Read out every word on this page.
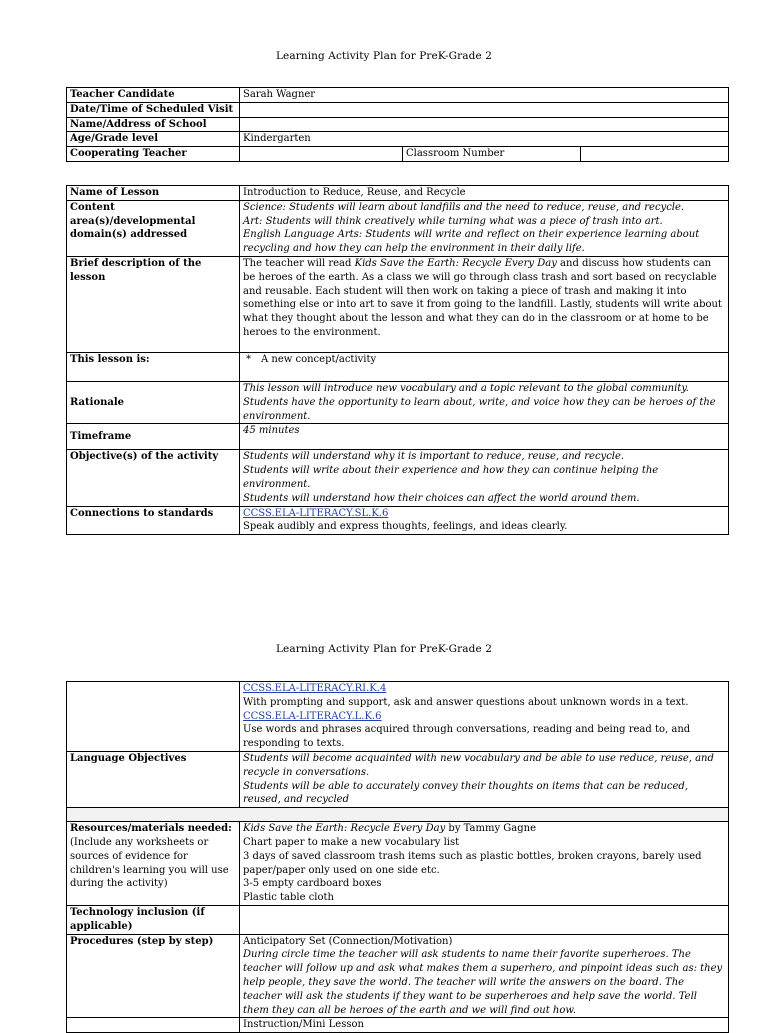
Learning Activity Plan for PreK-Grade 2
Teacher Candidate	Sarah Wagner		
Date/Time of Scheduled Visit			
Name/Address of School			
Age/Grade level	Kindergarten		
Cooperating Teacher		Classroom Number	
Name of Lesson	Introduction to Reduce, Reuse, and Recycle
Content area(s)/developmental domain(s) addressed	Science: Students will learn about landfills and the need to reduce, reuse, and recycle.
Art: Students will think creatively while turning what was a piece of trash into art.
English Language Arts: Students will write and reflect on their experience learning about recycling and how they can help the environment in their daily life.

Brief description of the lesson	The teacher will read Kids Save the Earth: Recycle Every Day and discuss how students can be heroes of the earth. As a class we will go through class trash and sort based on recyclable and reusable. Each student will then work on taking a piece of trash and making it into something else or into art to save it from going to the landfill. Lastly, students will write about what they thought about the lesson and what they can do in the classroom or at home to be heroes to the environment.
This lesson is:	* A new concept/activity
Rationale	This lesson will introduce new vocabulary and a topic relevant to the global community. Students have the opportunity to learn about, write, and voice how they can be heroes of the environment.
Timeframe	45 minutes
Objective(s) of the activity	Students will understand why it is important to reduce, reuse, and recycle.
Students will write about their experience and how they can continue helping the environment.
Students will understand how their choices can affect the world around them.

Connections to standards	CCSS.ELA-LITERACY.SL.K.6
Speak audibly and express thoughts, feelings, and ideas clearly.
Learning Activity Plan for PreK-Grade 2

	CCSS.ELA-LITERACY.RI.K.4
With prompting and support, ask and answer questions about unknown words in a text.
CCSS.ELA-LITERACY.L.K.6
Use words and phrases acquired through conversations, reading and being read to, and responding to texts.

Language Objectives	Students will become acquainted with new vocabulary and be able to use reduce, reuse, and recycle in conversations.
Students will be able to accurately convey their thoughts on items that can be reduced, reused, and recycled

Resources/materials needed: (Include any worksheets or sources of evidence for children's learning you will use during the activity)	Kids Save the Earth: Recycle Every Day by Tammy Gagne
Chart paper to make a new vocabulary list
3 days of saved classroom trash items such as plastic bottles, broken crayons, barely used paper/paper only used on one side etc.
3-5 empty cardboard boxes
Plastic table cloth

Technology inclusion (if applicable)	
Procedures (step by step)	Anticipatory Set (Connection/Motivation)
During circle time the teacher will ask students to name their favorite superheroes. The teacher will follow up and ask what makes them a superhero, and pinpoint ideas such as: they help people, they save the world. The teacher will write the answers on the board. The teacher will ask the students if they want to be superheroes and help save the world. Tell them they can all be heroes of the earth and we will find out how.

	Instruction/Mini Lesson
